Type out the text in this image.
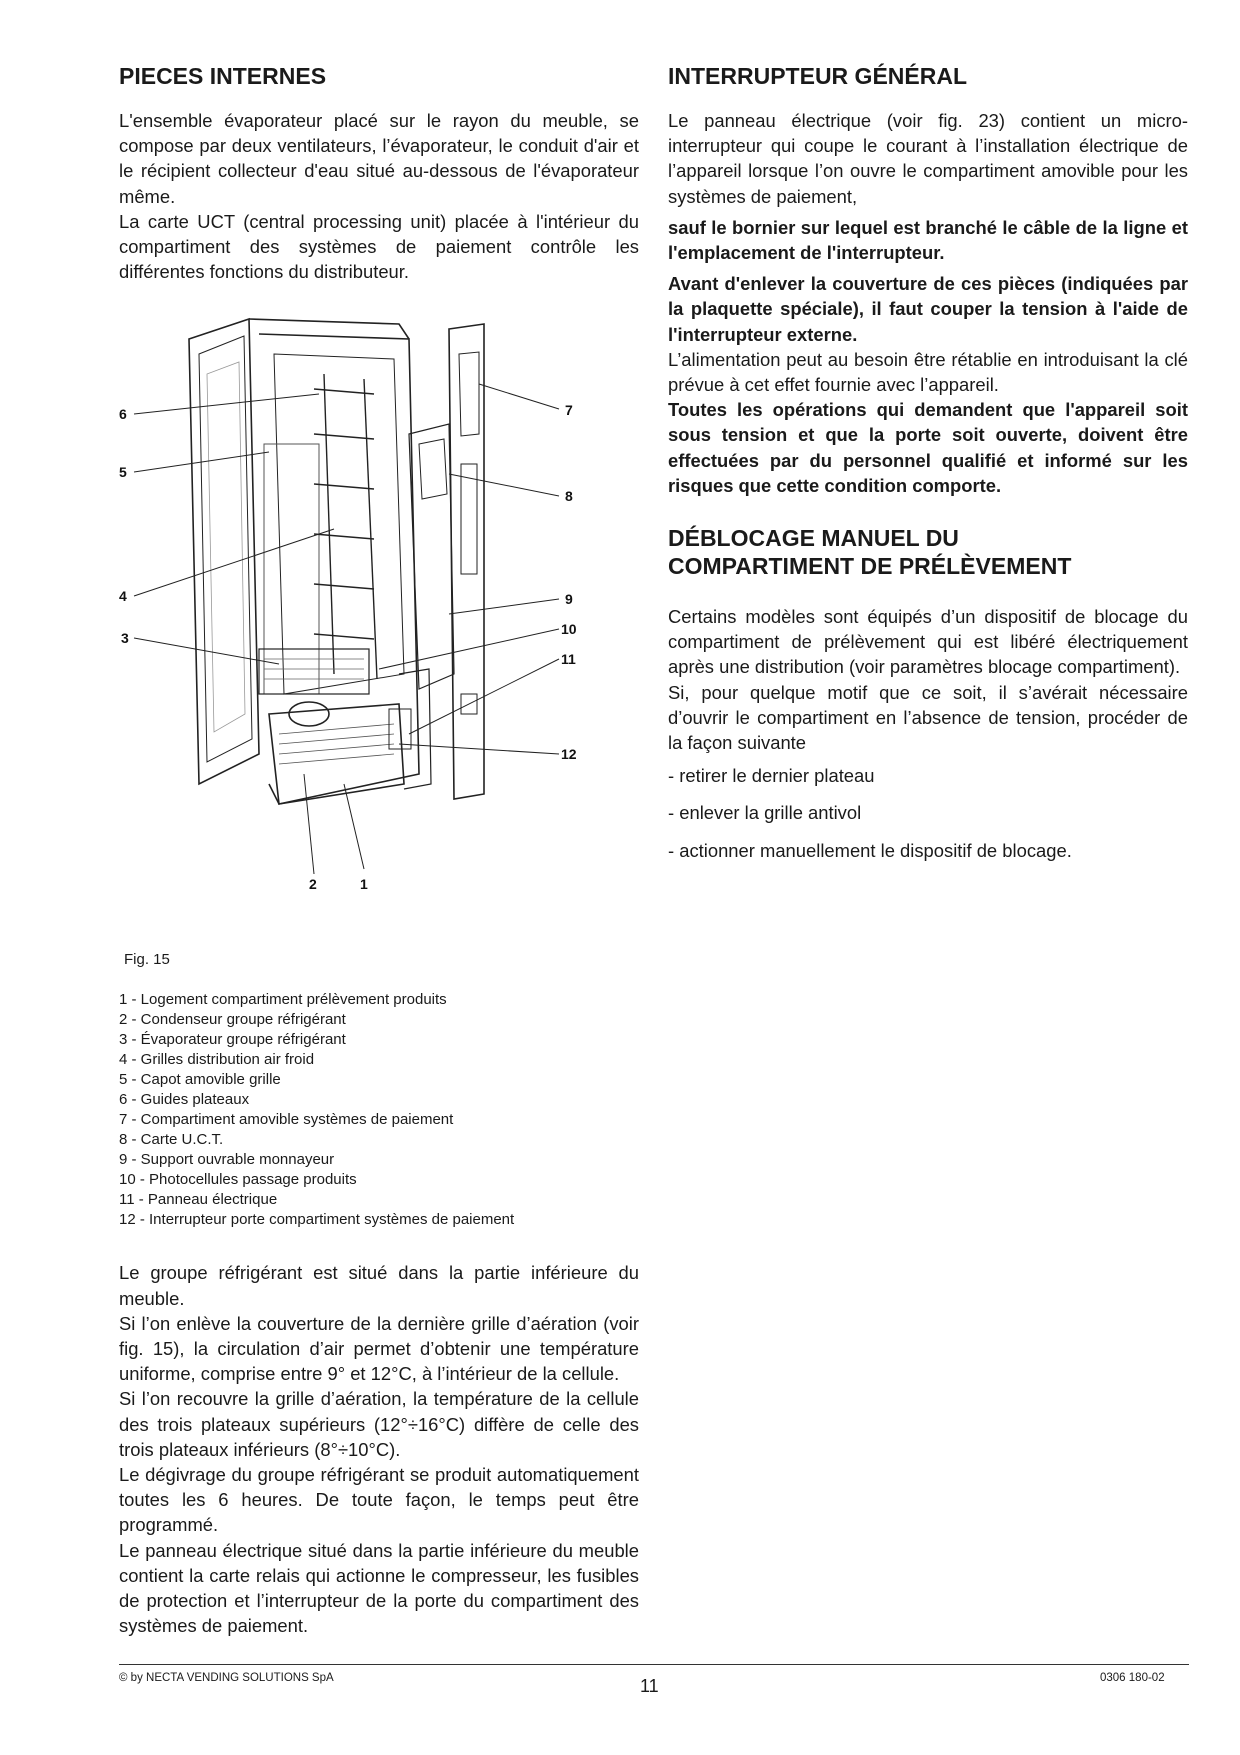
PIECES INTERNES

L'ensemble évaporateur placé sur le rayon du meuble, se compose par deux ventilateurs, l’évaporateur, le conduit d'air et le récipient collecteur d'eau situé au-dessous de l'évaporateur même.

La carte UCT (central processing unit) placée à l'intérieur du compartiment des systèmes de paiement contrôle les différentes fonctions du distributeur.

6
5
4
3
7
8
9
10
11
12
2	1
Fig. 15

1 - Logement compartiment prélèvement produits

2 - Condenseur groupe réfrigérant

3 - Évaporateur groupe réfrigérant

4 - Grilles distribution air froid

5 - Capot amovible grille

6 - Guides plateaux

7 - Compartiment amovible systèmes de paiement

8 - Carte U.C.T.

9 - Support ouvrable monnayeur

10 - Photocellules passage produits

11 - Panneau électrique

12 - Interrupteur porte compartiment systèmes de paiement

Le groupe réfrigérant est situé dans la partie inférieure du meuble.

Si l’on enlève la couverture de la dernière grille d’aération (voir fig. 15), la circulation d’air permet d’obtenir une température uniforme, comprise entre 9° et 12°C, à l’intérieur de la cellule.

Si l’on recouvre la grille d’aération, la température de la cellule des trois plateaux supérieurs (12°÷16°C) diffère de celle des trois plateaux inférieurs (8°÷10°C).

Le dégivrage du groupe réfrigérant se produit automatiquement toutes les 6 heures. De toute façon, le temps peut être programmé.

Le panneau électrique situé dans la partie inférieure du meuble contient la carte relais qui actionne le compresseur, les fusibles de protection et l’interrupteur de la porte du compartiment des systèmes de paiement.

INTERRUPTEUR GÉNÉRAL

Le panneau électrique (voir fig. 23) contient un micro-interrupteur qui coupe le courant à l’installation électrique de l’appareil lorsque l’on ouvre le compartiment amovible pour les systèmes de paiement,

sauf le bornier sur lequel est branché le câble de la ligne et l'emplacement de l'interrupteur.

Avant d'enlever la couverture de ces pièces (indiquées par la plaquette spéciale), il faut couper la tension à l'aide de l'interrupteur externe.

L’alimentation peut au besoin être rétablie en introduisant la clé prévue à cet effet fournie avec l’appareil.

Toutes les opérations qui demandent que l'appareil soit sous tension et que la porte soit ouverte, doivent être effectuées par du personnel qualifié et informé sur les risques que cette condition comporte.

DÉBLOCAGE MANUEL DU
COMPARTIMENT DE PRÉLÈVEMENT

Certains modèles sont équipés d’un dispositif de blocage du compartiment de prélèvement qui est libéré électriquement après une distribution (voir paramètres blocage compartiment).

Si, pour quelque motif que ce soit, il s’avérait nécessaire d’ouvrir le compartiment en l’absence de tension, procéder de la façon suivante

- retirer le dernier plateau

- enlever la grille antivol

- actionner manuellement le dispositif de blocage.

© by NECTA VENDING SOLUTIONS SpA	11	0306 180-02
